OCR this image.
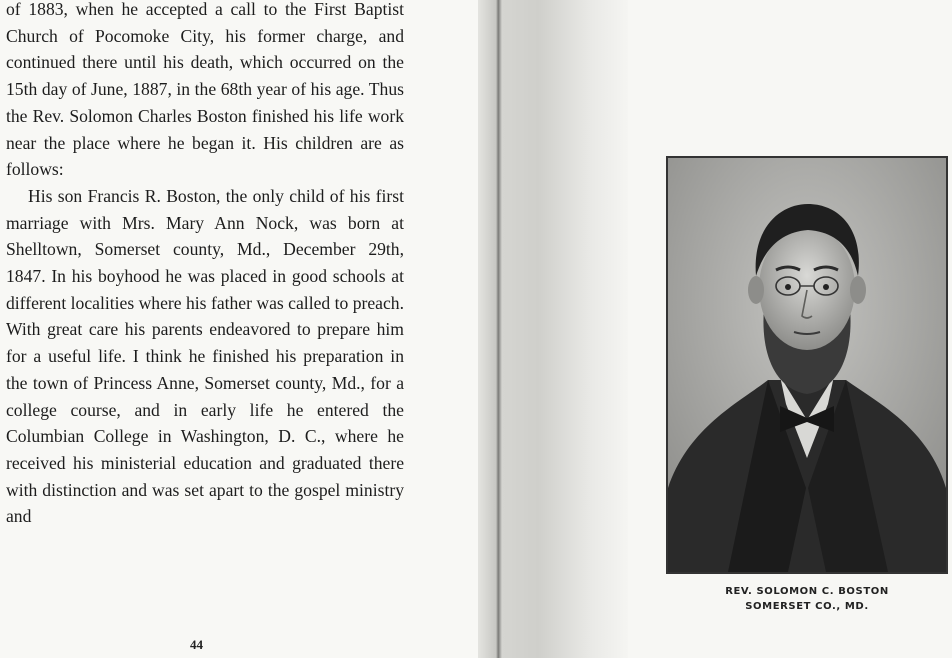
of 1883, when he accepted a call to the First Baptist Church of Pocomoke City, his former charge, and continued there until his death, which occurred on the 15th day of June, 1887, in the 68th year of his age. Thus the Rev. Solomon Charles Boston finished his life work near the place where he began it. His children are as follows:

His son Francis R. Boston, the only child of his first marriage with Mrs. Mary Ann Nock, was born at Shelltown, Somerset county, Md., December 29th, 1847. In his boyhood he was placed in good schools at different localities where his father was called to preach. With great care his parents endeavored to prepare him for a useful life. I think he finished his preparation in the town of Princess Anne, Somerset county, Md., for a college course, and in early life he entered the Columbian College in Washington, D. C., where he received his ministerial education and graduated there with distinction and was set apart to the gospel ministry and

44
REV. SOLOMON C. BOSTON
SOMERSET CO., MD.
